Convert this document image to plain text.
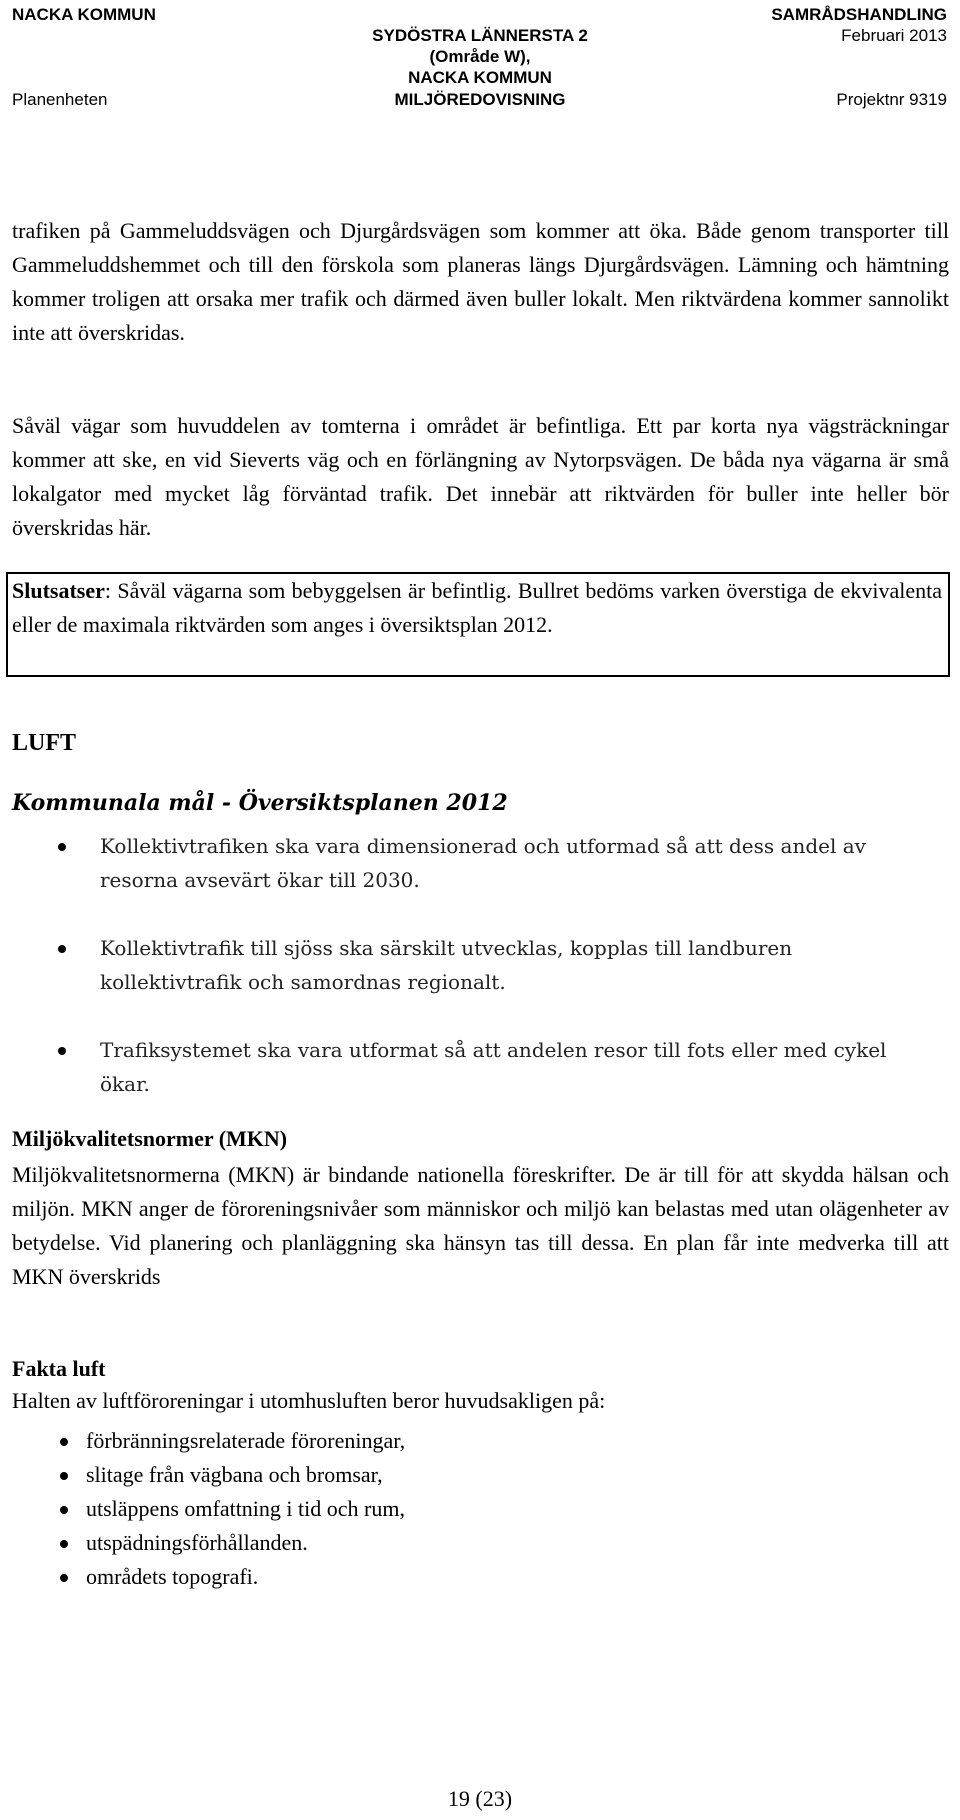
NACKA KOMMUN
SYDÖSTRA LÄNNERSTA 2
(Område W),
NACKA KOMMUN
MILJÖREDOVISNING
SAMRÅDSHANDLING
Februari 2013
Planenheten	Projektnr 9319

trafiken på Gammeluddsvägen och Djurgårdsvägen som kommer att öka. Både genom transporter till Gammeluddshemmet och till den förskola som planeras längs Djurgårdsvägen. Lämning och hämtning kommer troligen att orsaka mer trafik och därmed även buller lokalt. Men riktvärdena kommer sannolikt inte att överskridas.

Såväl vägar som huvuddelen av tomterna i området är befintliga. Ett par korta nya vägsträckningar kommer att ske, en vid Sieverts väg och en förlängning av Nytorpsvägen. De båda nya vägarna är små lokalgator med mycket låg förväntad trafik. Det innebär att riktvärden för buller inte heller bör överskridas här.

Slutsatser: Såväl vägarna som bebyggelsen är befintlig. Bullret bedöms varken överstiga de ekvivalenta eller de maximala riktvärden som anges i översiktsplan 2012.

LUFT
Kommunala mål - Översiktsplanen 2012
Kollektivtrafiken ska vara dimensionerad och utformad så att dess andel av resorna avsevärt ökar till 2030.
Kollektivtrafik till sjöss ska särskilt utvecklas, kopplas till landburen kollektivtrafik och samordnas regionalt.
Trafiksystemet ska vara utformat så att andelen resor till fots eller med cykel ökar.
Miljökvalitetsnormer (MKN)

Miljökvalitetsnormerna (MKN) är bindande nationella föreskrifter. De är till för att skydda hälsan och miljön. MKN anger de föroreningsnivåer som människor och miljö kan belastas med utan olägenheter av betydelse. Vid planering och planläggning ska hänsyn tas till dessa. En plan får inte medverka till att MKN överskrids

Fakta luft
Halten av luftföroreningar i utomhusluften beror huvudsakligen på:
förbränningsrelaterade föroreningar,
slitage från vägbana och bromsar,
utsläppens omfattning i tid och rum,
utspädningsförhållanden.
områdets topografi.
19 (23)
